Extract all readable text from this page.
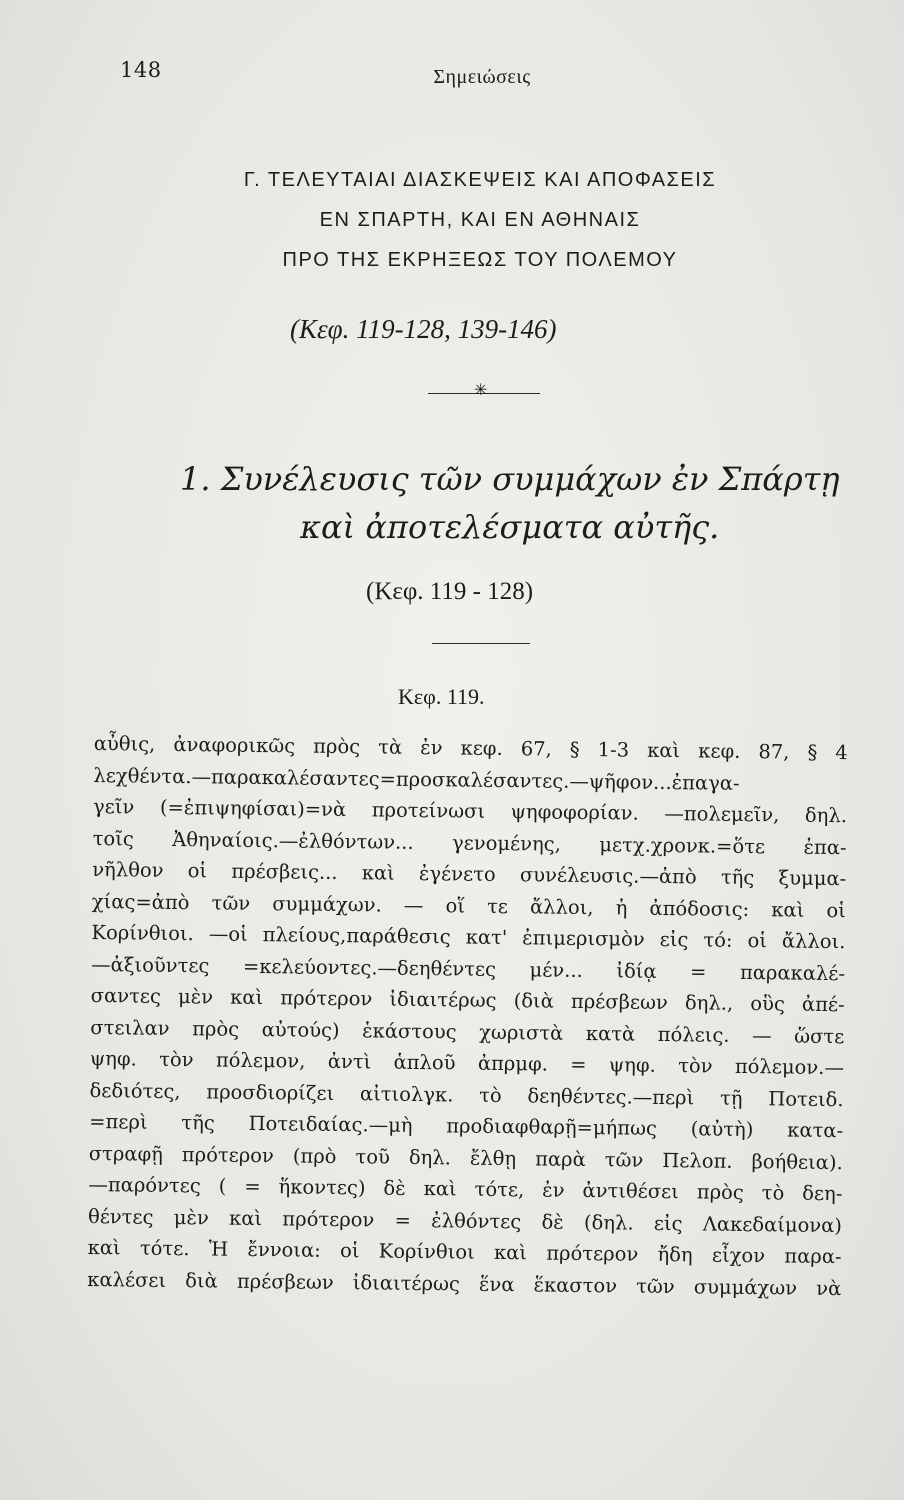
148	Σημειώσεις
Γ. ΤΕΛΕΥΤΑΙΑΙ ΔΙΑΣΚΕΨΕΙΣ ΚΑΙ ΑΠΟΦΑΣΕΙΣ
ΕΝ ΣΠΑΡΤΗ, ΚΑΙ ΕΝ ΑΘΗΝΑΙΣ
ΠΡΟ ΤΗΣ ΕΚΡΗΞΕΩΣ ΤΟΥ ΠΟΛΕΜΟΥ
(Κεφ. 119-128, 139-146)
✳
1. Συνέλευσις τῶν συμμάχων ἐν Σπάρτῃ
καὶ ἀποτελέσματα αὐτῆς.
(Κεφ. 119 - 128)
Κεφ. 119.
αὖθις, ἀναφορικῶς πρὸς τὰ ἐν κεφ. 67, § 1-3 καὶ κεφ. 87, § 4
λεχθέντα.—παρακαλέσαντες=προσκαλέσαντες.—ψῆφον...ἐπαγα-
γεῖν (=ἐπιψηφίσαι)=νὰ προτείνωσι ψηφοφορίαν. —πολεμεῖν, δηλ.
τοῖς Ἀθηναίοις.—ἐλθόντων... γενομένης, μετχ.χρονκ.=ὅτε ἐπα-
νῆλθον οἱ πρέσβεις... καὶ ἐγένετο συνέλευσις.—ἀπὸ τῆς ξυμμα-
χίας=ἀπὸ τῶν συμμάχων. — οἵ τε ἄλλοι, ἡ ἀπόδοσις: καὶ οἱ
Κορίνθιοι. —οἱ πλείους,παράθεσις κατ' ἐπιμερισμὸν εἰς τό: οἱ ἄλλοι.
—ἀξιοῦντες =κελεύοντες.—δεηθέντες μέν... ἰδίᾳ = παρακαλέ-
σαντες μὲν καὶ πρότερον ἰδιαιτέρως (διὰ πρέσβεων δηλ., οὓς ἀπέ-
στειλαν πρὸς αὐτούς) ἑκάστους χωριστὰ κατὰ πόλεις. — ὥστε
ψηφ. τὸν πόλεμον, ἀντὶ ἁπλοῦ ἀπρμφ. = ψηφ. τὸν πόλεμον.—
δεδιότες, προσδιορίζει αἰτιολγκ. τὸ δεηθέντες.—περὶ τῇ Ποτειδ.
=περὶ τῆς Ποτειδαίας.—μὴ προδιαφθαρῇ=μήπως (αὐτὴ) κατα-
στραφῇ πρότερον (πρὸ τοῦ δηλ. ἔλθῃ παρὰ τῶν Πελοπ. βοήθεια).
—παρόντες ( = ἥκοντες) δὲ καὶ τότε, ἐν ἀντιθέσει πρὸς τὸ δεη-
θέντες μὲν καὶ πρότερον = ἐλθόντες δὲ (δηλ. εἰς Λακεδαίμονα)
καὶ τότε. Ἡ ἔννοια: οἱ Κορίνθιοι καὶ πρότερον ἤδη εἶχον παρα-
καλέσει διὰ πρέσβεων ἰδιαιτέρως ἕνα ἕκαστον τῶν συμμάχων νὰ
